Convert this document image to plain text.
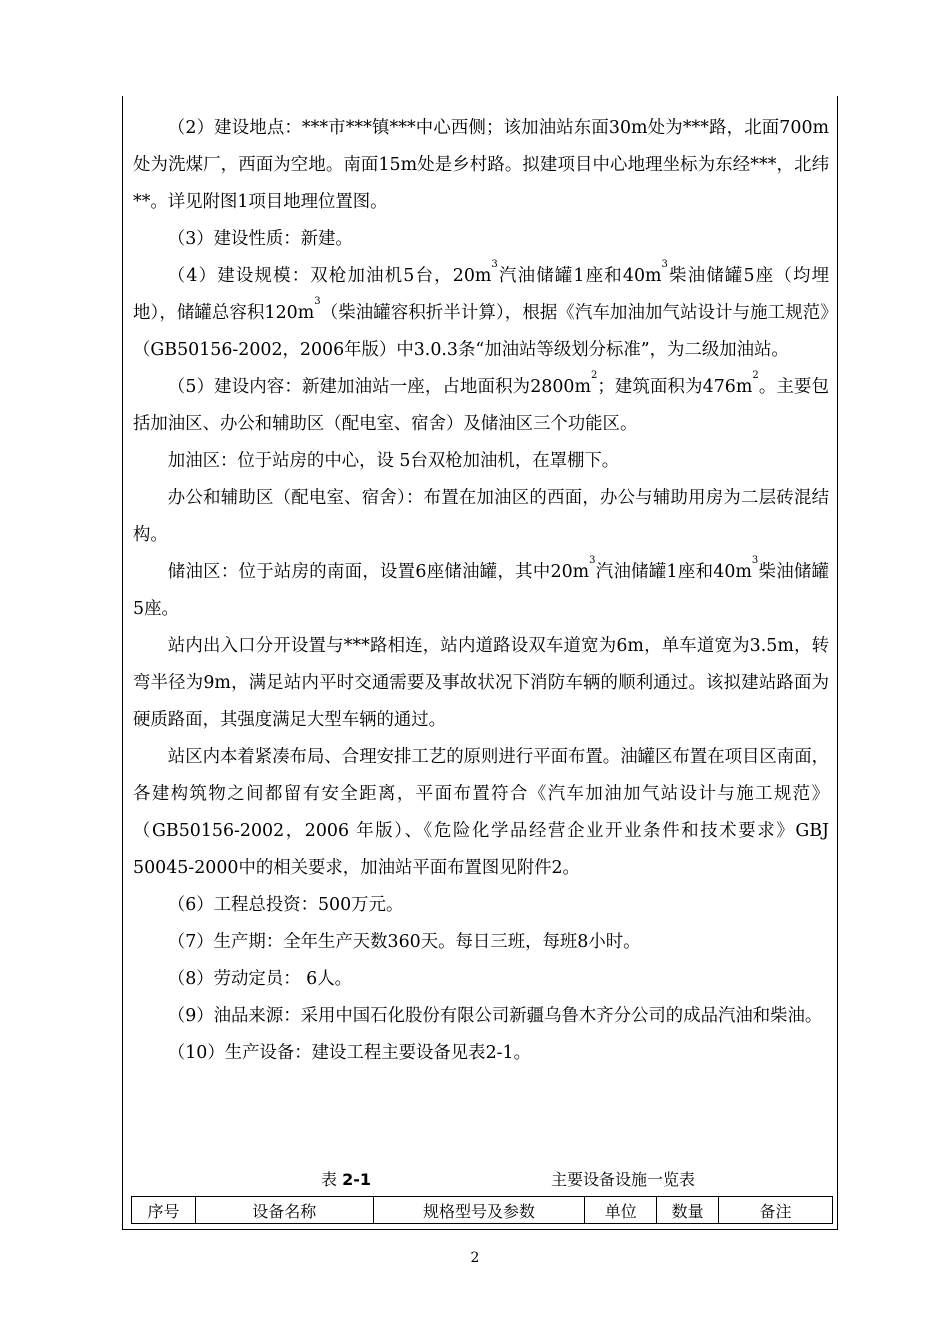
（2）建设地点：***市***镇***中心西侧；该加油站东面30m处为***路，北面700m处为洗煤厂，西面为空地。南面15m处是乡村路。拟建项目中心地理坐标为东经***，北纬**。详见附图1项目地理位置图。

（3）建设性质：新建。

（4）建设规模：双枪加油机5台，$20m^3$汽油储罐1座和$40m^3$柴油储罐5座（均埋地），储罐总容积$120m^3$（柴油罐容积折半计算），根据《汽车加油加气站设计与施工规范》（GB50156-2002，2006年版）中3.0.3条“加油站等级划分标准”，为二级加油站。

（5）建设内容：新建加油站一座，占地面积为$2800m^2$；建筑面积为$476m^2$。主要包括加油区、办公和辅助区（配电室、宿舍）及储油区三个功能区。

加油区：位于站房的中心，设 5台双枪加油机，在罩棚下。

办公和辅助区（配电室、宿舍）：布置在加油区的西面，办公与辅助用房为二层砖混结构。

储油区：位于站房的南面，设置6座储油罐，其中$20m^3$汽油储罐1座和$40m^3$柴油储罐5座。

站内出入口分开设置与***路相连，站内道路设双车道宽为6m，单车道宽为3.5m，转弯半径为9m，满足站内平时交通需要及事故状况下消防车辆的顺利通过。该拟建站路面为硬质路面，其强度满足大型车辆的通过。

站区内本着紧凑布局、合理安排工艺的原则进行平面布置。油罐区布置在项目区南面，各建构筑物之间都留有安全距离，平面布置符合《汽车加油加气站设计与施工规范》（GB50156-2002，2006 年版）、《危险化学品经营企业开业条件和技术要求》GBJ 50045-2000中的相关要求，加油站平面布置图见附件2。

（6）工程总投资：500万元。

（7）生产期：全年生产天数360天。每日三班，每班8小时。

（8）劳动定员： 6人。

（9）油品来源：采用中国石化股份有限公司新疆乌鲁木齐分公司的成品汽油和柴油。

（10）生产设备：建设工程主要设备见表2-1。

表 2-1	主要设备设施一览表
序号	设备名称	规格型号及参数	单位	数量	备注
2
